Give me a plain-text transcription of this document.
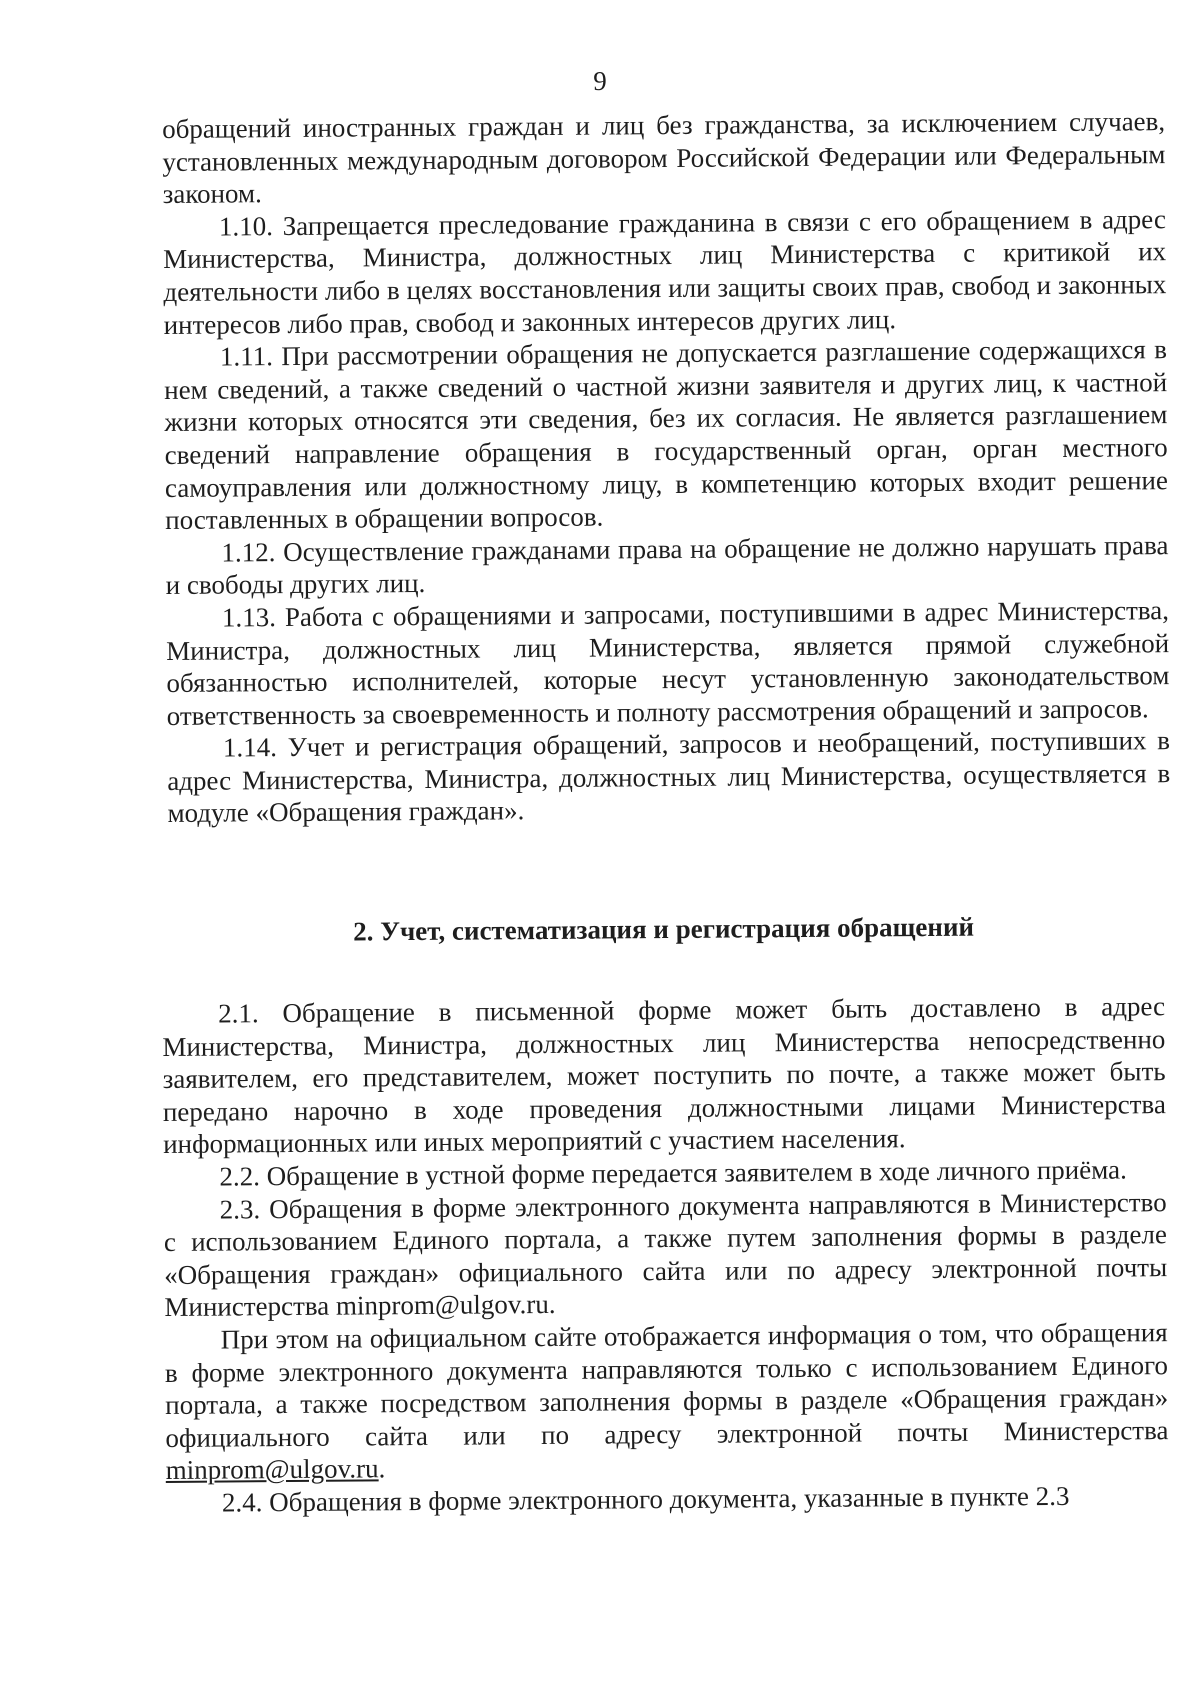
9

обращений иностранных граждан и лиц без гражданства, за исключением случаев, установленных международным договором Российской Федерации или Федеральным законом.

1.10. Запрещается преследование гражданина в связи с его обращением в адрес Министерства, Министра, должностных лиц Министерства с критикой их деятельности либо в целях восстановления или защиты своих прав, свобод и законных интересов либо прав, свобод и законных интересов других лиц.

1.11. При рассмотрении обращения не допускается разглашение содержащихся в нем сведений, а также сведений о частной жизни заявителя и других лиц, к частной жизни которых относятся эти сведения, без их согласия. Не является разглашением сведений направление обращения в государственный орган, орган местного самоуправления или должностному лицу, в компетенцию которых входит решение поставленных в обращении вопросов.

1.12. Осуществление гражданами права на обращение не должно нарушать права и свободы других лиц.

1.13. Работа с обращениями и запросами, поступившими в адрес Министерства, Министра, должностных лиц Министерства, является прямой служебной обязанностью исполнителей, которые несут установленную законодательством ответственность за своевременность и полноту рассмотрения обращений и запросов.

1.14. Учет и регистрация обращений, запросов и необращений, поступивших в адрес Министерства, Министра, должностных лиц Министерства, осуществляется в модуле «Обращения граждан».

2. Учет, систематизация и регистрация обращений

2.1. Обращение в письменной форме может быть доставлено в адрес Министерства, Министра, должностных лиц Министерства непосредственно заявителем, его представителем, может поступить по почте, а также может быть передано нарочно в ходе проведения должностными лицами Министерства информационных или иных мероприятий с участием населения.

2.2. Обращение в устной форме передается заявителем в ходе личного приёма.

2.3. Обращения в форме электронного документа направляются в Министерство с использованием Единого портала, а также путем заполнения формы в разделе «Обращения граждан» официального сайта или по адресу электронной почты Министерства minprom@ulgov.ru.

При этом на официальном сайте отображается информация о том, что обращения в форме электронного документа направляются только с использованием Единого портала, а также посредством заполнения формы в разделе «Обращения граждан» официального сайта или по адресу электронной почты Министерства minprom@ulgov.ru.

2.4. Обращения в форме электронного документа, указанные в пункте 2.3
